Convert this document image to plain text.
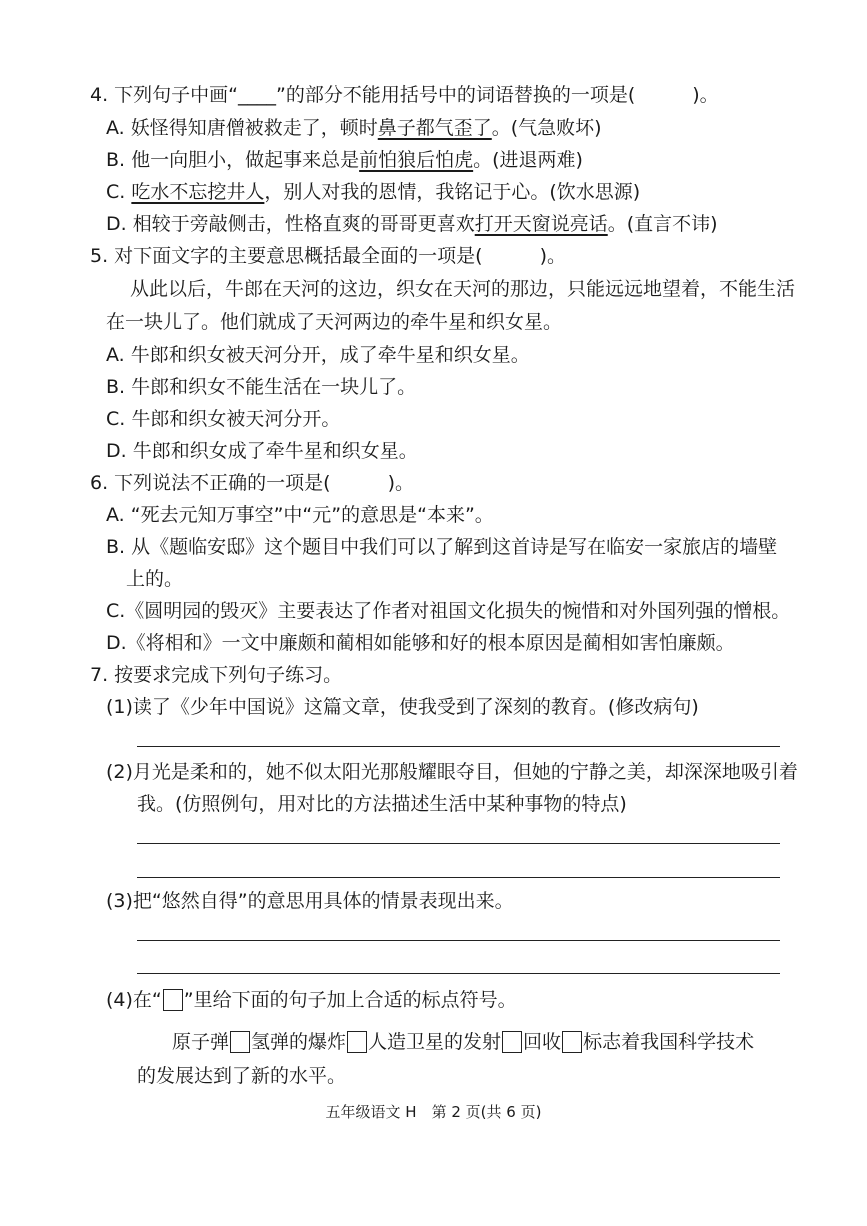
4. 下列句子中画“____”的部分不能用括号中的词语替换的一项是(　　　)。
A. 妖怪得知唐僧被救走了，顿时鼻子都气歪了。(气急败坏)
B. 他一向胆小，做起事来总是前怕狼后怕虎。(进退两难)
C. 吃水不忘挖井人，别人对我的恩情，我铭记于心。(饮水思源)
D. 相较于旁敲侧击，性格直爽的哥哥更喜欢打开天窗说亮话。(直言不讳)
5. 对下面文字的主要意思概括最全面的一项是(　　　)。
从此以后，牛郎在天河的这边，织女在天河的那边，只能远远地望着，不能生活
在一块儿了。他们就成了天河两边的牵牛星和织女星。
A. 牛郎和织女被天河分开，成了牵牛星和织女星。
B. 牛郎和织女不能生活在一块儿了。
C. 牛郎和织女被天河分开。
D. 牛郎和织女成了牵牛星和织女星。
6. 下列说法不正确的一项是(　　　)。
A. “死去元知万事空”中“元”的意思是“本来”。
B. 从《题临安邸》这个题目中我们可以了解到这首诗是写在临安一家旅店的墙壁
上的。
C.《圆明园的毁灭》主要表达了作者对祖国文化损失的惋惜和对外国列强的憎根。
D.《将相和》一文中廉颇和蔺相如能够和好的根本原因是蔺相如害怕廉颇。
7. 按要求完成下列句子练习。
(1)读了《少年中国说》这篇文章，使我受到了深刻的教育。(修改病句)
(2)月光是柔和的，她不似太阳光那般耀眼夺目，但她的宁静之美，却深深地吸引着
我。(仿照例句，用对比的方法描述生活中某种事物的特点)
(3)把“悠然自得”的意思用具体的情景表现出来。
(4)在“ ”里给下面的句子加上合适的标点符号。
原子弹 氢弹的爆炸 人造卫星的发射 回收 标志着我国科学技术
的发展达到了新的水平。
五年级语文 H　第 2 页(共 6 页)
